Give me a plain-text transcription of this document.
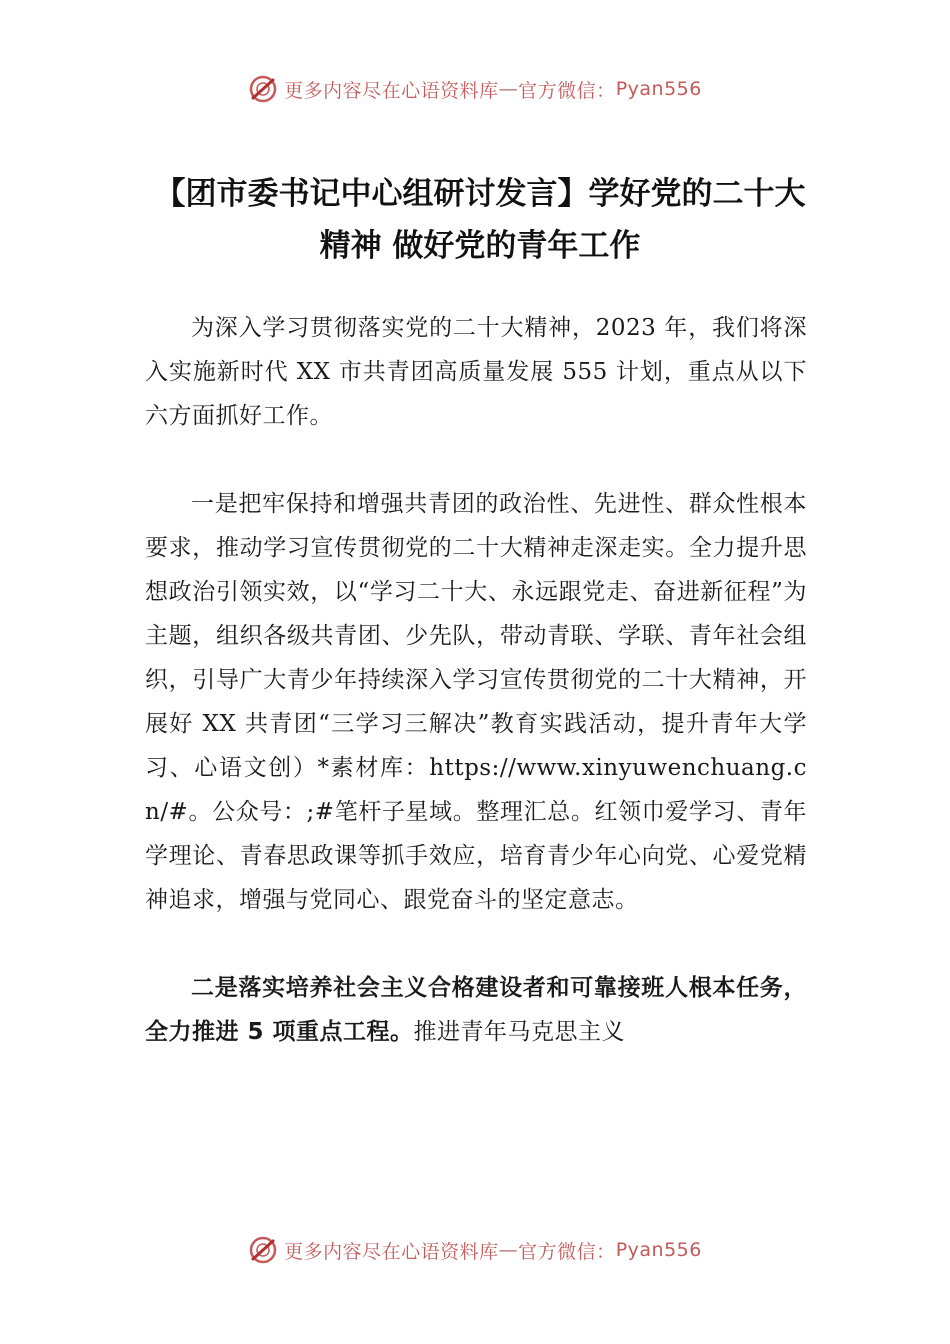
更多内容尽在心语资料库 — 官方微信： Pyan556
【团市委书记中心组研讨发言】学好党的二十大精神 做好党的青年工作

为深入学习贯彻落实党的二十大精神，2023 年，我们将深入实施新时代 XX 市共青团高质量发展 555 计划，重点从以下六方面抓好工作。

一是把牢保持和增强共青团的政治性、先进性、群众性根本要求，推动学习宣传贯彻党的二十大精神走深走实。全力提升思想政治引领实效，以“学习二十大、永远跟党走、奋进新征程”为主题，组织各级共青团、少先队，带动青联、学联、青年社会组织，引导广大青少年持续深入学习宣传贯彻党的二十大精神，开展好 XX 共青团“三学习三解决”教育实践活动，提升青年大学习、心语文创）*素材库：https://www.xinyuwenchuang.cn/#。公众号：;#笔杆子星域。整理汇总。红领巾爱学习、青年学理论、青春思政课等抓手效应，培育青少年心向党、心爱党精神追求，增强与党同心、跟党奋斗的坚定意志。

二是落实培养社会主义合格建设者和可靠接班人根本任务，全力推进 5 项重点工程。推进青年马克思主义

更多内容尽在心语资料库 — 官方微信： Pyan556
